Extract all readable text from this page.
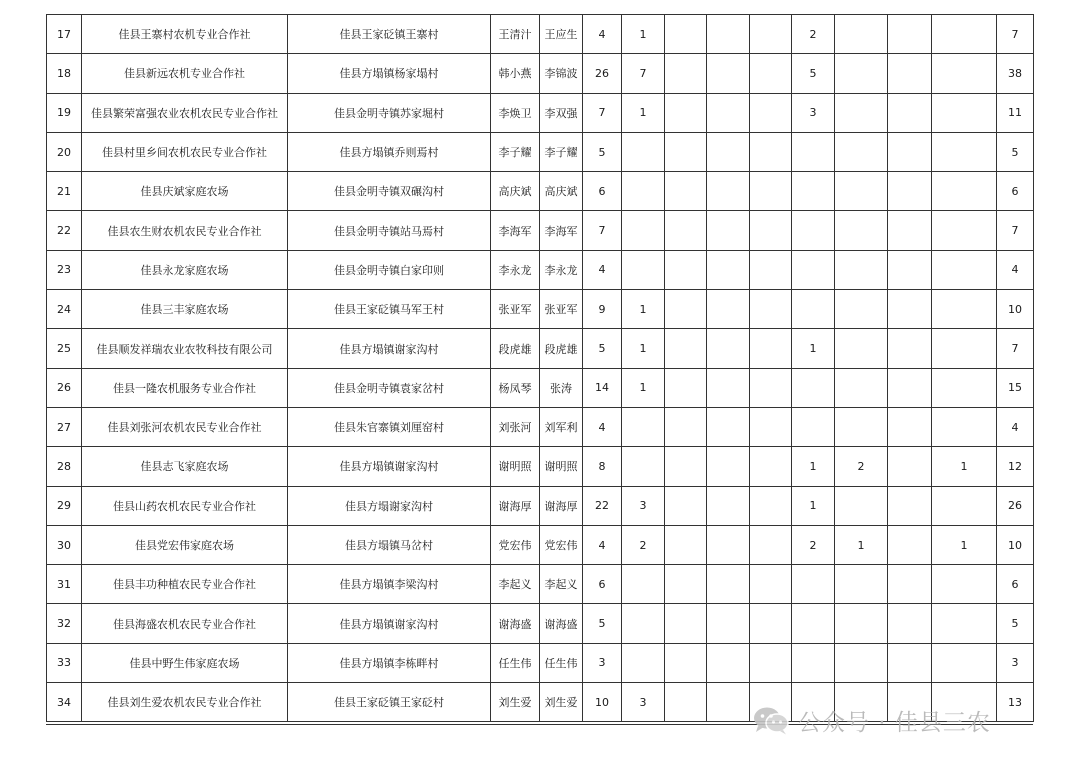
17	佳县王寨村农机专业合作社	佳县王家砭镇王寨村	王清汁	王应生	4	1				2				7
18	佳县新远农机专业合作社	佳县方塌镇杨家塌村	韩小燕	李锦波	26	7				5				38
19	佳县繁荣富强农业农机农民专业合作社	佳县金明寺镇苏家堀村	李焕卫	李双强	7	1				3				11
20	佳县村里乡间农机农民专业合作社	佳县方塌镇乔则焉村	李子耀	李子耀	5									5
21	佳县庆斌家庭农场	佳县金明寺镇双碾沟村	高庆斌	高庆斌	6									6
22	佳县农生财农机农民专业合作社	佳县金明寺镇站马焉村	李海军	李海军	7									7
23	佳县永龙家庭农场	佳县金明寺镇白家印则	李永龙	李永龙	4									4
24	佳县三丰家庭农场	佳县王家砭镇马军王村	张亚军	张亚军	9	1								10
25	佳县顺发祥瑞农业农牧科技有限公司	佳县方塌镇谢家沟村	段虎雄	段虎雄	5	1				1				7
26	佳县一隆农机服务专业合作社	佳县金明寺镇袁家岔村	杨凤琴	张涛	14	1								15
27	佳县刘张河农机农民专业合作社	佳县朱官寨镇刘厘窑村	刘张河	刘军利	4									4
28	佳县志飞家庭农场	佳县方塌镇谢家沟村	谢明照	谢明照	8					1	2		1	12
29	佳县山药农机农民专业合作社	佳县方塌谢家沟村	谢海厚	谢海厚	22	3				1				26
30	佳县党宏伟家庭农场	佳县方塌镇马岔村	党宏伟	党宏伟	4	2				2	1		1	10
31	佳县丰功种植农民专业合作社	佳县方塌镇李梁沟村	李起义	李起义	6									6
32	佳县海盛农机农民专业合作社	佳县方塌镇谢家沟村	谢海盛	谢海盛	5									5
33	佳县中野生伟家庭农场	佳县方塌镇李栋畔村	任生伟	任生伟	3									3
34	佳县刘生爱农机农民专业合作社	佳县王家砭镇王家砭村	刘生爱	刘生爱	10	3								13
公众号 · 佳县三农
